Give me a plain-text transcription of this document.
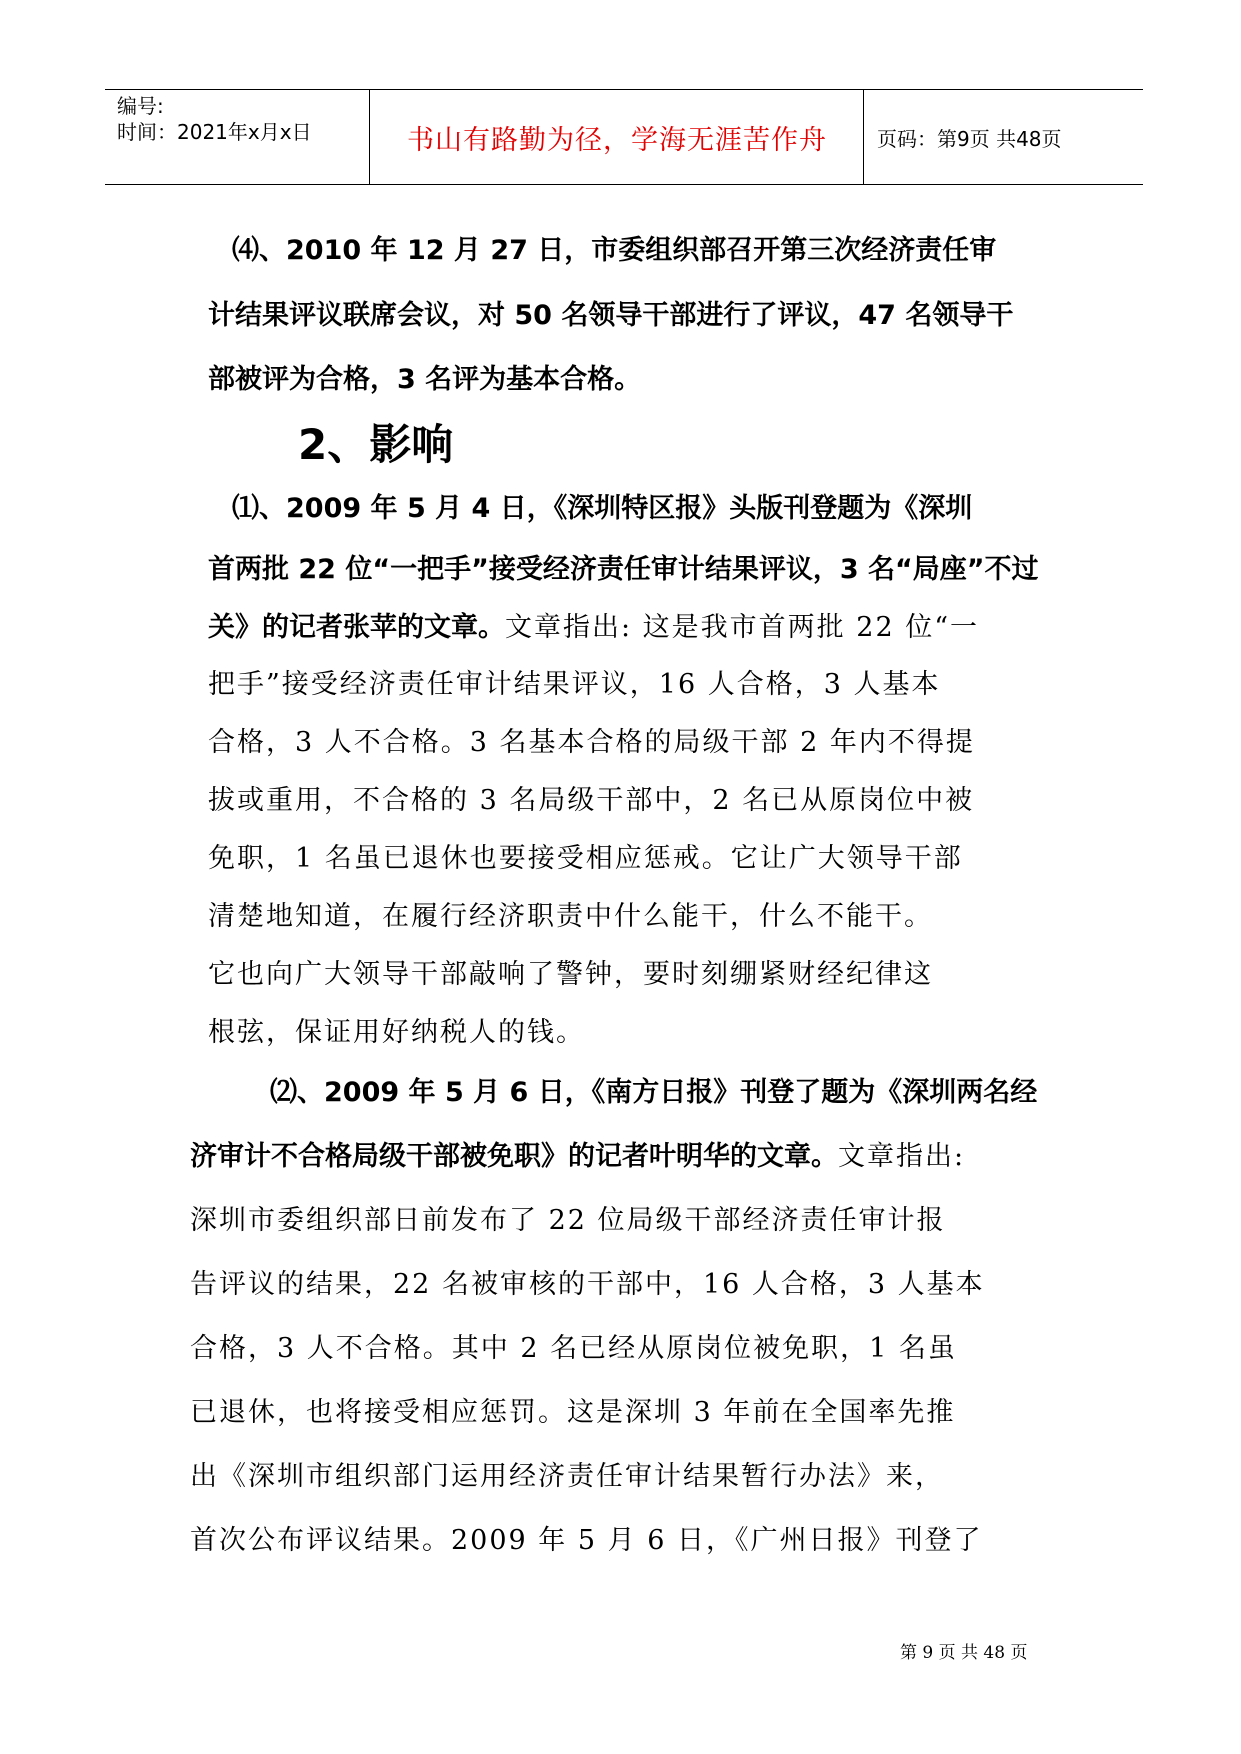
编号:
时间：2021年x月x日	书山有路勤为径，学海无涯苦作舟	页码：第9页 共48页
⑷、2010 年 12 月 27 日，市委组织部召开第三次经济责任审
计结果评议联席会议，对 50 名领导干部进行了评议，47 名领导干
部被评为合格，3 名评为基本合格。
2、影响
⑴、2009 年 5 月 4 日，《深圳特区报》头版刊登题为《深圳
首两批 22 位“一把手”接受经济责任审计结果评议，3 名“局座”不过
关》的记者张苹的文章。文章指出: 这是我市首两批 22 位“一
把手”接受经济责任审计结果评议，16 人合格，3 人基本
合格，3 人不合格。3 名基本合格的局级干部 2 年内不得提
拔或重用，不合格的 3 名局级干部中，2 名已从原岗位中被
免职，1 名虽已退休也要接受相应惩戒。它让广大领导干部
清楚地知道，在履行经济职责中什么能干，什么不能干。
它也向广大领导干部敲响了警钟，要时刻绷紧财经纪律这
根弦，保证用好纳税人的钱。
⑵、2009 年 5 月 6 日，《南方日报》刊登了题为《深圳两名经
济审计不合格局级干部被免职》的记者叶明华的文章。文章指出:
深圳市委组织部日前发布了 22 位局级干部经济责任审计报
告评议的结果，22 名被审核的干部中，16 人合格，3 人基本
合格，3 人不合格。其中 2 名已经从原岗位被免职，1 名虽
已退休，也将接受相应惩罚。这是深圳 3 年前在全国率先推
出《深圳市组织部门运用经济责任审计结果暂行办法》来，
首次公布评议结果。2009 年 5 月 6 日，《广州日报》刊登了
第 9 页 共 48 页
